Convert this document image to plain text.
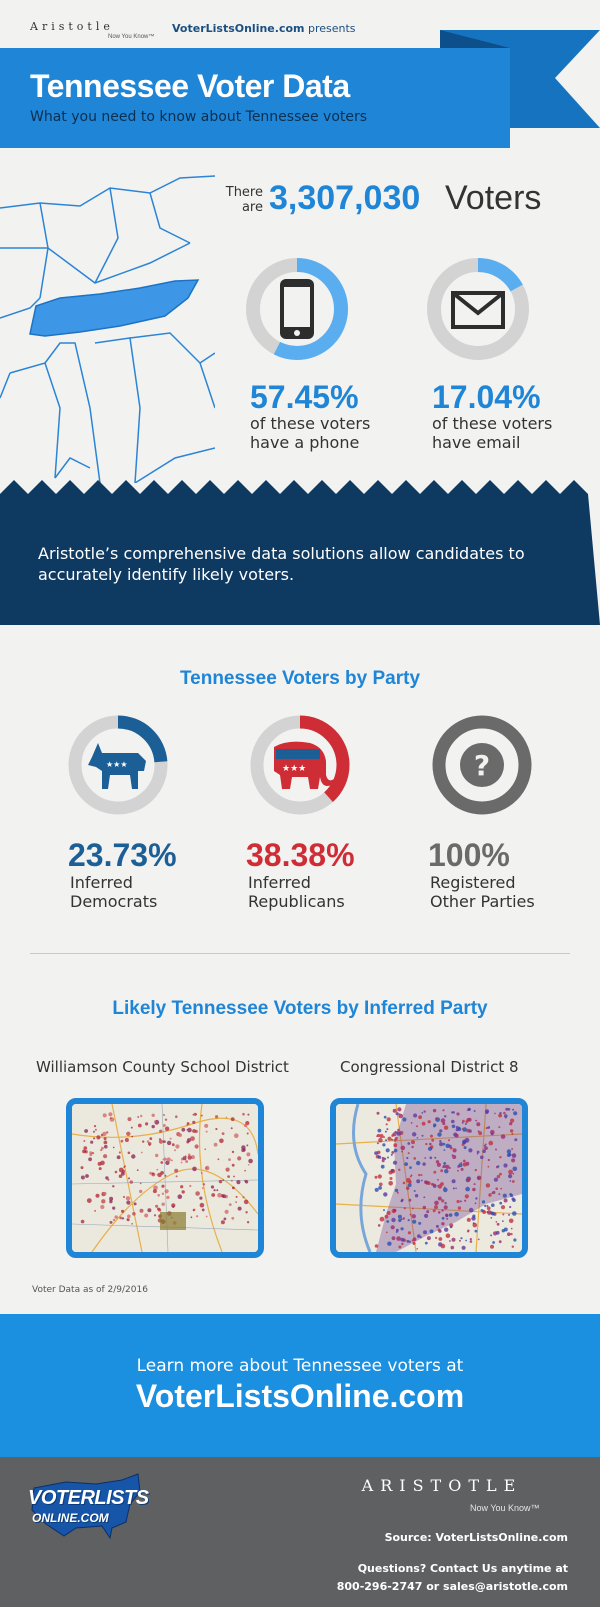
Aristotle
Now You Know™
VoterListsOnline.com presents
Tennessee Voter Data
What you need to know about Tennessee voters
There are 3,307,030 Voters
57.45%
of these voters
have a phone
17.04%
of these voters
have email
Aristotle’s comprehensive data solutions allow candidates to accurately identify likely voters.
Tennessee Voters by Party
★★★	★★★	?
23.73%
Inferred
Democrats
38.38%
Inferred
Republicans
100%
Registered
Other Parties
Likely Tennessee Voters by Inferred Party
Williamson County School District	Congressional District 8
Voter Data as of 2/9/2016
Learn more about Tennessee voters at
VoterListsOnline.com
VOTERLISTS
ONLINE.COM
ARISTOTLE
Now You Know™
Source: VoterListsOnline.com
Questions? Contact Us anytime at
800-296-2747 or sales@aristotle.com
